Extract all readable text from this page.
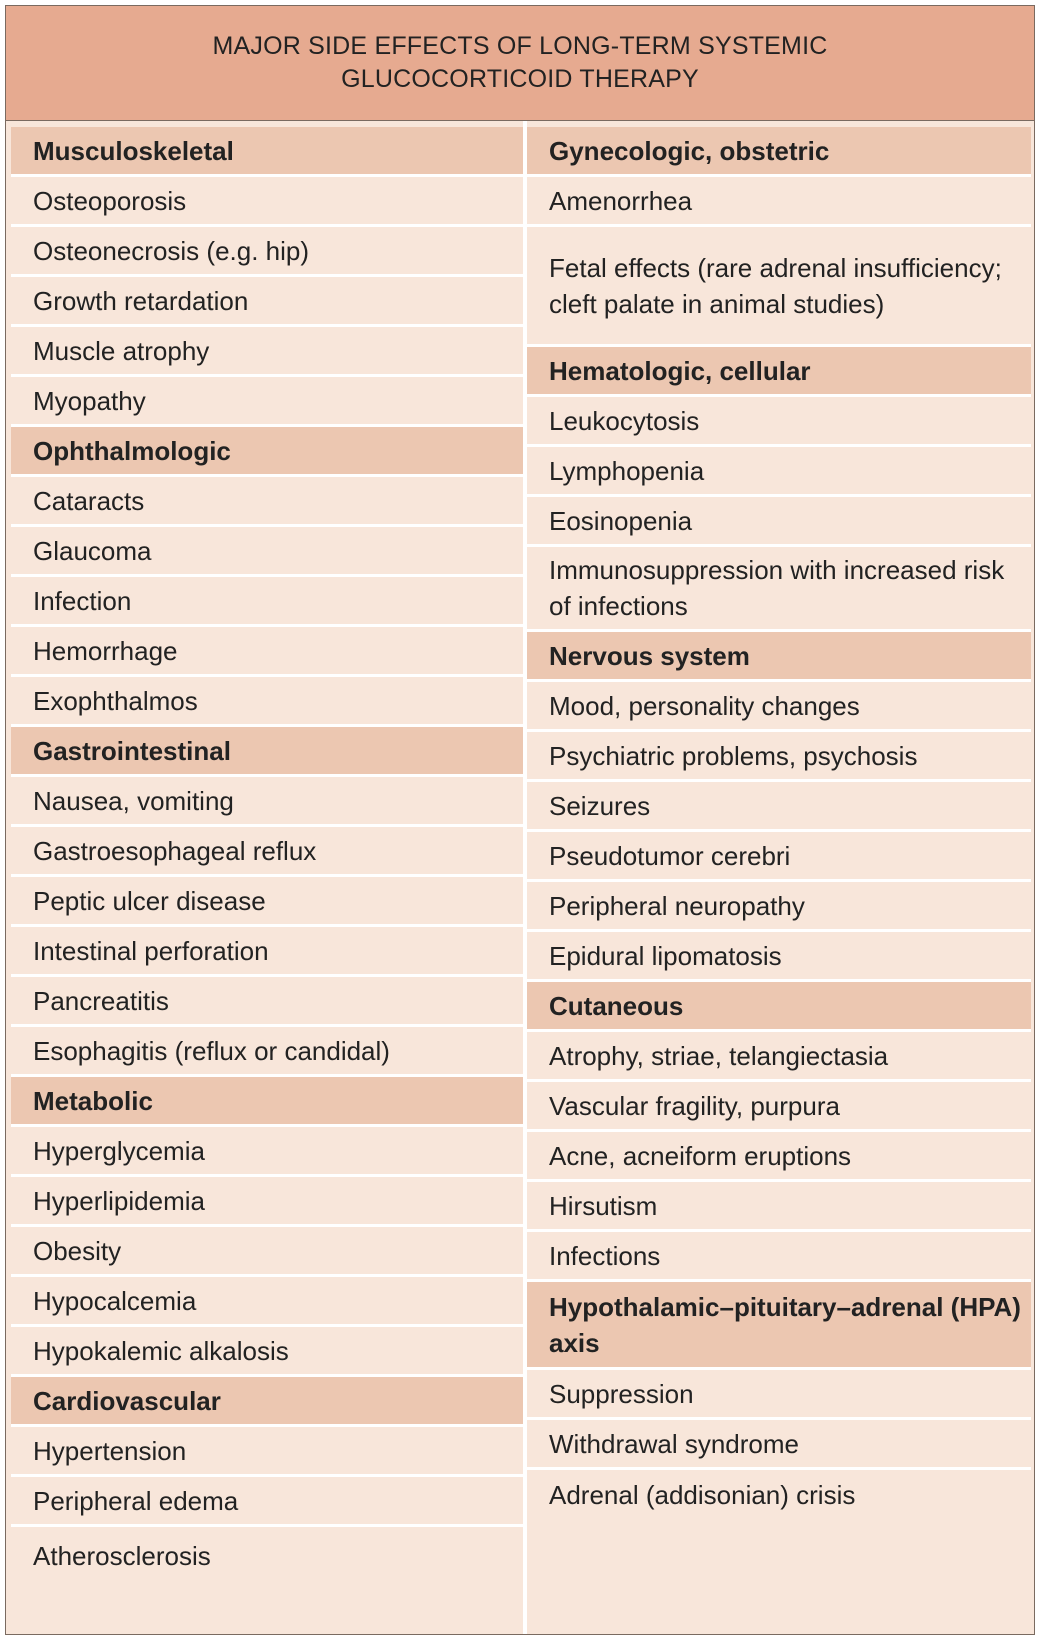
MAJOR SIDE EFFECTS OF LONG-TERM SYSTEMIC
GLUCOCORTICOID THERAPY
Musculoskeletal
Osteoporosis
Osteonecrosis (e.g. hip)
Growth retardation
Muscle atrophy
Myopathy
Ophthalmologic
Cataracts
Glaucoma
Infection
Hemorrhage
Exophthalmos
Gastrointestinal
Nausea, vomiting
Gastroesophageal reflux
Peptic ulcer disease
Intestinal perforation
Pancreatitis
Esophagitis (reflux or candidal)
Metabolic
Hyperglycemia
Hyperlipidemia
Obesity
Hypocalcemia
Hypokalemic alkalosis
Cardiovascular
Hypertension
Peripheral edema
Atherosclerosis
Gynecologic, obstetric
Amenorrhea
Fetal effects (rare adrenal insufficiency; cleft palate in animal studies)
Hematologic, cellular
Leukocytosis
Lymphopenia
Eosinopenia
Immunosuppression with increased risk of infections
Nervous system
Mood, personality changes
Psychiatric problems, psychosis
Seizures
Pseudotumor cerebri
Peripheral neuropathy
Epidural lipomatosis
Cutaneous
Atrophy, striae, telangiectasia
Vascular fragility, purpura
Acne, acneiform eruptions
Hirsutism
Infections
Hypothalamic–pituitary–adrenal (HPA) axis
Suppression
Withdrawal syndrome
Adrenal (addisonian) crisis
